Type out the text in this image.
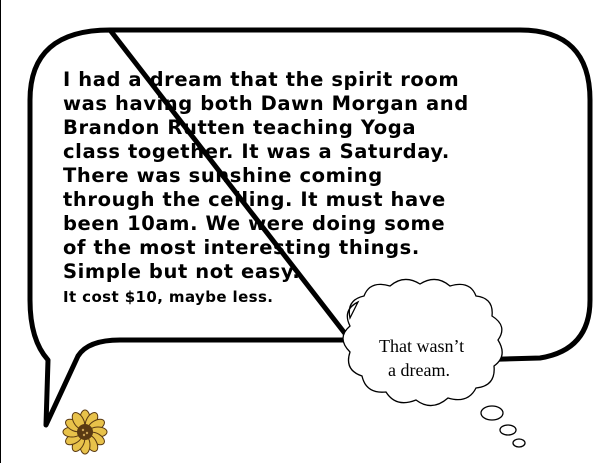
I had a dream that the spirit room
was having both Dawn Morgan and
Brandon Rutten teaching Yoga
class together. It was a Saturday.
There was sunshine coming
through the ceiling. It must have
been 10am. We were doing some
of the most interesting things.
Simple but not easy.
It cost $10, maybe less.
That wasn’t
a dream.
